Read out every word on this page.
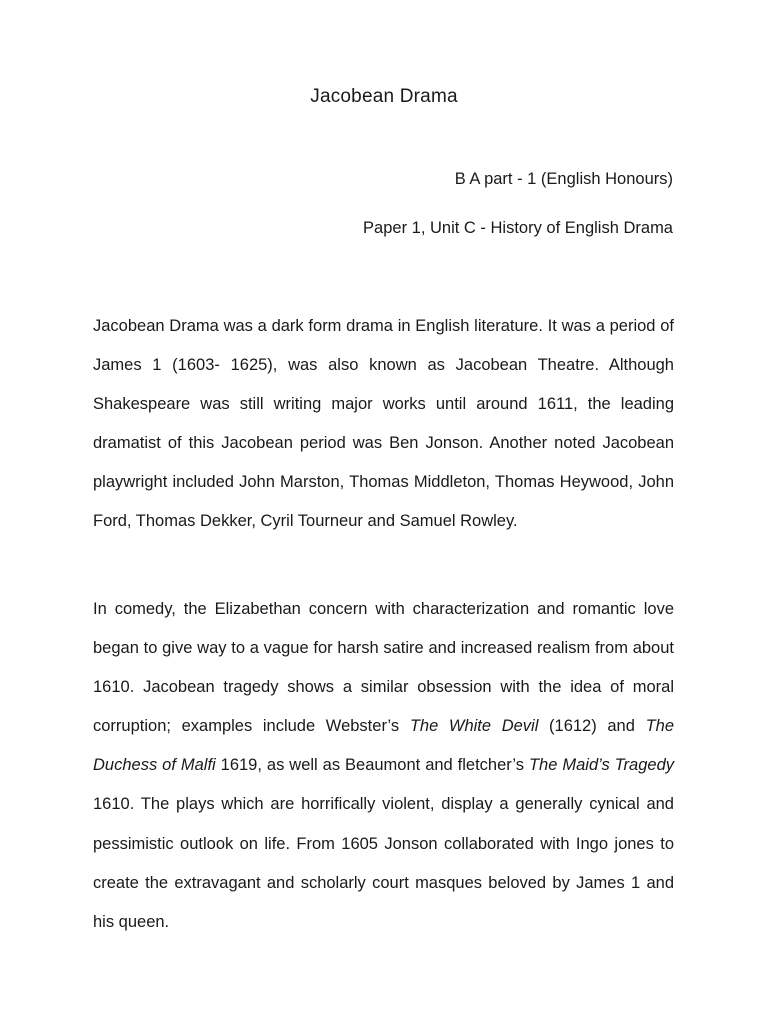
Jacobean Drama
B A part - 1 (English Honours)
Paper 1, Unit C - History of English Drama

Jacobean Drama was a dark form drama in English literature. It was a period of James 1 (1603- 1625), was also known as Jacobean Theatre. Although Shakespeare was still writing major works until around 1611, the leading dramatist of this Jacobean period was Ben Jonson. Another noted Jacobean playwright included John Marston, Thomas Middleton, Thomas Heywood, John Ford, Thomas Dekker, Cyril Tourneur and Samuel Rowley.

In comedy, the Elizabethan concern with characterization and romantic love began to give way to a vague for harsh satire and increased realism from about 1610. Jacobean tragedy shows a similar obsession with the idea of moral corruption; examples include Webster’s The White Devil (1612) and The Duchess of Malfi 1619, as well as Beaumont and fletcher’s The Maid’s Tragedy 1610. The plays which are horrifically violent, display a generally cynical and pessimistic outlook on life. From 1605 Jonson collaborated with Ingo jones to create the extravagant and scholarly court masques beloved by James 1 and his queen.
